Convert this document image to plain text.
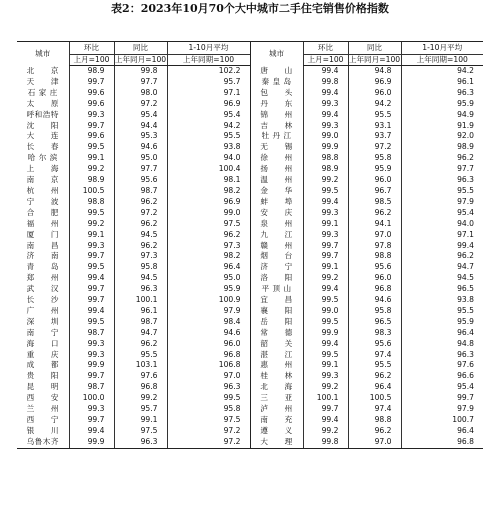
表2：2023年10月70个大中城市二手住宅销售价格指数
城市	环比	同比	1-10月平均	城市	环比	同比	1-10月平均
	上月=100	上年同月=100	上年同期=100		上月=100	上年同月=100	上年同期=100
北　　京	98.9	99.8	102.2	唐　　山	99.4	94.8	94.2
天　　津	99.7	97.7	95.7	秦 皇 岛	99.8	96.9	96.1
石 家 庄	99.6	98.0	97.1	包　　头	99.4	96.0	96.3
太　　原	99.6	97.2	96.9	丹　　东	99.3	94.2	95.9
呼和浩特	99.3	95.4	95.4	锦　　州	99.4	95.5	94.9
沈　　阳	99.7	94.4	94.2	吉　　林	99.3	93.1	91.9
大　　连	99.6	95.3	95.5	牡 丹 江	99.0	93.7	92.0
长　　春	99.5	94.6	93.8	无　　锡	99.9	97.2	98.9
哈 尔 滨	99.1	95.0	94.0	徐　　州	98.8	95.8	96.2
上　　海	99.2	97.7	100.4	扬　　州	98.9	95.9	97.7
南　　京	98.9	95.6	98.1	温　　州	99.2	96.0	96.3
杭　　州	100.5	98.7	98.2	金　　华	99.5	96.7	95.5
宁　　波	98.8	96.2	96.9	蚌　　埠	99.4	98.5	97.9
合　　肥	99.5	97.2	99.0	安　　庆	99.3	96.2	95.4
福　　州	99.2	96.2	97.5	泉　　州	99.1	94.1	94.0
厦　　门	99.1	94.5	96.2	九　　江	99.3	97.0	97.1
南　　昌	99.3	96.2	97.3	赣　　州	99.7	97.8	99.4
济　　南	99.7	97.3	98.2	烟　　台	99.7	98.8	96.2
青　　岛	99.5	95.8	96.4	济　　宁	99.1	95.6	94.7
郑　　州	99.4	94.5	95.0	洛　　阳	99.2	96.0	94.5
武　　汉	99.7	96.3	95.9	平 顶 山	99.4	96.8	96.5
长　　沙	99.7	100.1	100.9	宜　　昌	99.5	94.6	93.8
广　　州	99.4	96.1	97.9	襄　　阳	99.0	95.8	95.5
深　　圳	99.5	98.7	98.4	岳　　阳	99.5	96.5	95.9
南　　宁	98.7	94.7	94.6	常　　德	99.9	98.3	96.4
海　　口	99.3	96.2	96.0	韶　　关	99.4	95.6	94.8
重　　庆	99.3	95.5	96.8	湛　　江	99.5	97.4	96.3
成　　都	99.9	103.1	106.8	惠　　州	99.1	95.5	97.6
贵　　阳	99.7	97.6	97.0	桂　　林	99.3	96.2	96.6
昆　　明	98.7	96.8	96.3	北　　海	99.2	96.4	95.4
西　　安	100.0	99.2	99.5	三　　亚	100.1	100.5	99.7
兰　　州	99.3	95.7	95.8	泸　　州	99.7	97.4	97.9
西　　宁	99.7	99.1	97.5	南　　充	99.4	98.8	100.7
银　　川	99.4	97.5	97.2	遵　　义	99.2	96.2	96.4
乌鲁木齐	99.9	96.3	97.2	大　　理	99.8	97.0	96.8
